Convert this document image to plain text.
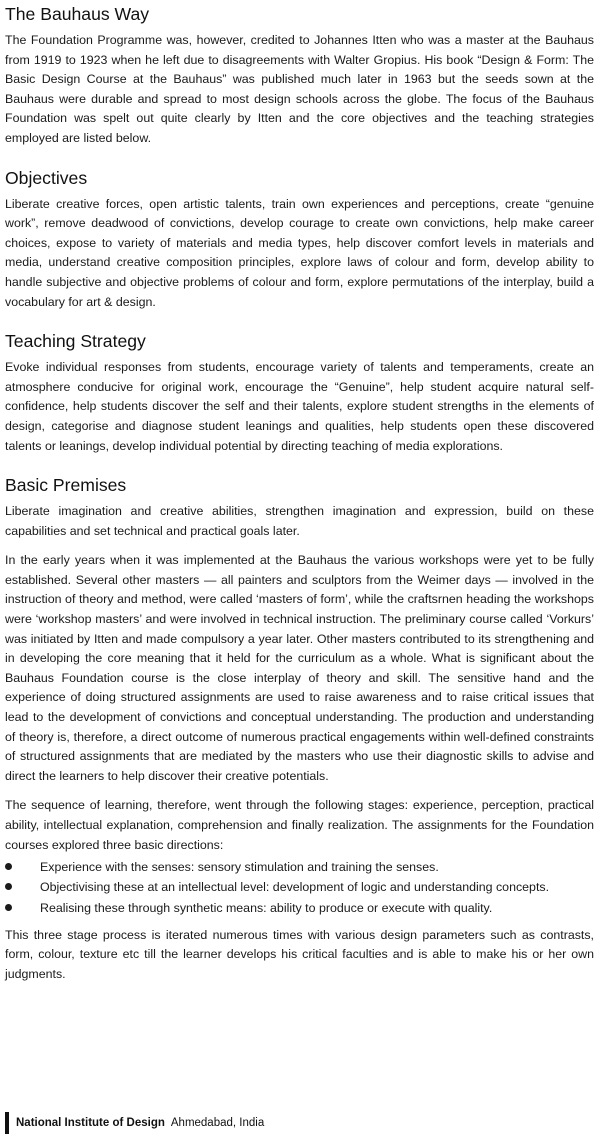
The Bauhaus Way

The Foundation Programme was, however, credited to Johannes Itten who was a master at the Bauhaus from 1919 to 1923 when he left due to disagreements with Walter Gropius. His book “Design & Form: The Basic Design Course at the Bauhaus” was published much later in 1963 but the seeds sown at the Bauhaus were durable and spread to most design schools across the globe. The focus of the Bauhaus Foundation was spelt out quite clearly by Itten and the core objectives and the teaching strategies employed are listed below.

Objectives

Liberate creative forces, open artistic talents, train own experiences and perceptions, create “genuine work”, remove deadwood of convictions, develop courage to create own convictions, help make career choices, expose to variety of materials and media types, help discover comfort levels in materials and media, understand creative composition principles, explore laws of colour and form, develop ability to handle subjective and objective problems of colour and form, explore permutations of the interplay, build a vocabulary for art & design.

Teaching Strategy

Evoke individual responses from students, encourage variety of talents and temperaments, create an atmosphere conducive for original work, encourage the “Genuine”, help student acquire natural self-confidence, help students discover the self and their talents, explore student strengths in the elements of design, categorise and diagnose student leanings and qualities, help students open these discovered talents or leanings, develop individual potential by directing teaching of media explorations.

Basic Premises

Liberate imagination and creative abilities, strengthen imagination and expression, build on these capabilities and set technical and practical goals later.

In the early years when it was implemented at the Bauhaus the various workshops were yet to be fully established. Several other masters — all painters and sculptors from the Weimer days — involved in the instruction of theory and method, were called ‘masters of form’, while the craftsrnen heading the workshops were ‘workshop masters’ and were involved in technical instruction. The preliminary course called ‘Vorkurs’ was initiated by Itten and made compulsory a year later. Other masters contributed to its strengthening and in developing the core meaning that it held for the curriculum as a whole. What is significant about the Bauhaus Foundation course is the close interplay of theory and skill. The sensitive hand and the experience of doing structured assignments are used to raise awareness and to raise critical issues that lead to the development of convictions and conceptual understanding. The production and understanding of theory is, therefore, a direct outcome of numerous practical engagements within well-defined constraints of structured assignments that are mediated by the masters who use their diagnostic skills to advise and direct the learners to help discover their creative potentials.

The sequence of learning, therefore, went through the following stages: experience, perception, practical ability, intellectual explanation, comprehension and finally realization. The assignments for the Foundation courses explored three basic directions:

Experience with the senses: sensory stimulation and training the senses.
Objectivising these at an intellectual level: development of logic and understanding concepts.
Realising these through synthetic means: ability to produce or execute with quality.

This three stage process is iterated numerous times with various design parameters such as contrasts, form, colour, texture etc till the learner develops his critical faculties and is able to make his or her own judgments.

National Institute of Design Ahmedabad, India
